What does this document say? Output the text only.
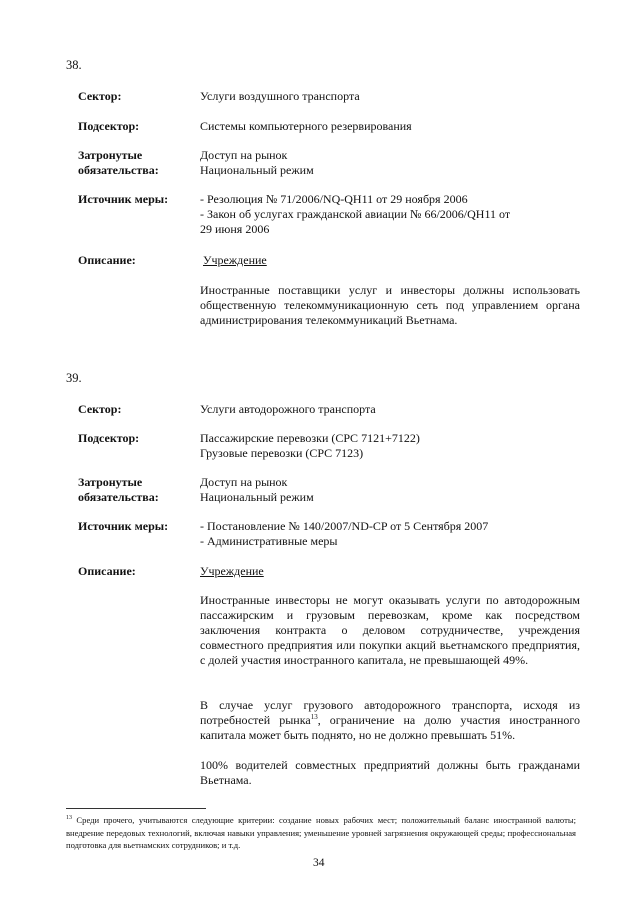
38.
Сектор:	Услуги воздушного транспорта
Подсектор:	Системы компьютерного резервирования
Затронутые
обязательства:
Доступ на рынок
Национальный режим
Источник меры:	- Резолюция № 71/2006/NQ-QH11 от 29 ноября 2006
- Закон об услугах гражданской авиации № 66/2006/QH11 от
29 июня 2006
Описание:	Учреждение
Иностранные поставщики услуг и инвесторы должны использовать общественную телекоммуникационную сеть под управлением органа администрирования телекоммуникаций Вьетнама.
39.
Сектор:	Услуги автодорожного транспорта
Подсектор:	Пассажирские перевозки (CPC 7121+7122)
Грузовые перевозки (CPC 7123)
Затронутые
обязательства:
Доступ на рынок
Национальный режим
Источник меры:	- Постановление № 140/2007/ND-CP от 5 Сентября 2007
- Административные меры
Описание:	Учреждение
Иностранные инвесторы не могут оказывать услуги по автодорожным пассажирским и грузовым перевозкам, кроме как посредством заключения контракта о деловом сотрудничестве, учреждения совместного предприятия или покупки акций вьетнамского предприятия, с долей участия иностранного капитала, не превышающей 49%.
В случае услуг грузового автодорожного транспорта, исходя из потребностей рынка$^{13}$, ограничение на долю участия иностранного капитала может быть поднято, но не должно превышать 51%.
100% водителей совместных предприятий должны быть гражданами Вьетнама.
$^{13}$ Среди прочего, учитываются следующие критерии: создание новых рабочих мест; положительный баланс иностранной валюты; внедрение передовых технологий, включая навыки управления; уменьшение уровней загрязнения окружающей среды; профессиональная подготовка для вьетнамских сотрудников; и т.д.
34
